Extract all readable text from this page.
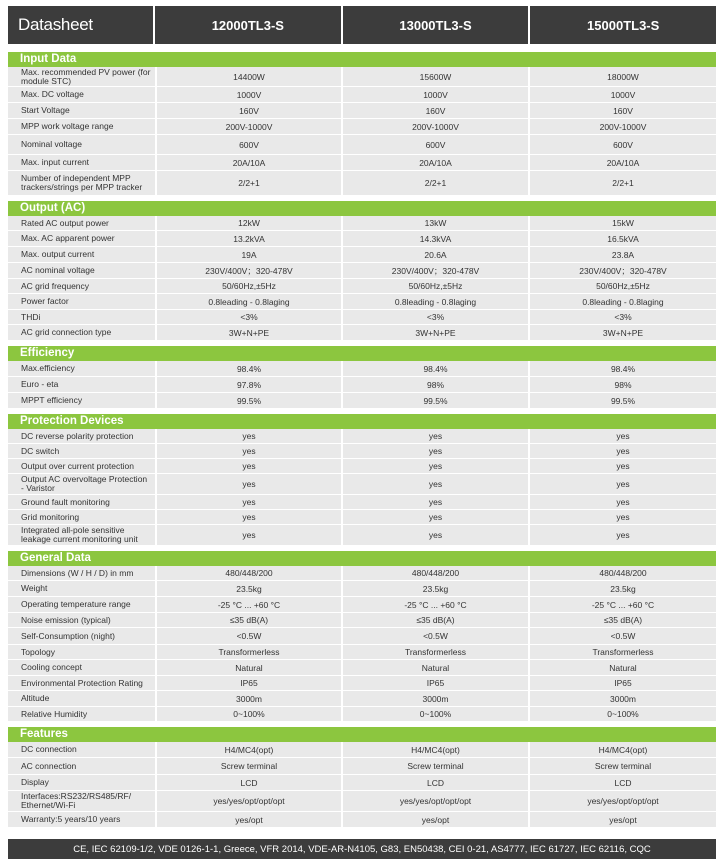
Datasheet	12000TL3-S	13000TL3-S	15000TL3-S
Input Data
Max. recommended PV power (for module STC)	14400W	15600W	18000W
Max. DC voltage	1000V	1000V	1000V
Start Voltage	160V	160V	160V
MPP work voltage range	200V-1000V	200V-1000V	200V-1000V
Nominal voltage	600V	600V	600V
Max. input current	20A/10A	20A/10A	20A/10A
Number of independent MPP trackers/strings per MPP tracker	2/2+1	2/2+1	2/2+1
Output (AC)
Rated AC output power	12kW	13kW	15kW
Max. AC apparent power	13.2kVA	14.3kVA	16.5kVA
Max. output current	19A	20.6A	23.8A
AC nominal voltage	230V/400V；320-478V	230V/400V；320-478V	230V/400V；320-478V
AC grid frequency	50/60Hz,±5Hz	50/60Hz,±5Hz	50/60Hz,±5Hz
Power factor	0.8leading - 0.8laging	0.8leading - 0.8laging	0.8leading - 0.8laging
THDi	<3%	<3%	<3%
AC grid connection type	3W+N+PE	3W+N+PE	3W+N+PE
Efficiency
Max.efficiency	98.4%	98.4%	98.4%
Euro - eta	97.8%	98%	98%
MPPT efficiency	99.5%	99.5%	99.5%
Protection Devices
DC reverse polarity protection	yes	yes	yes
DC switch	yes	yes	yes
Output over current protection	yes	yes	yes
Output AC overvoltage Protection - Varistor	yes	yes	yes
Ground fault monitoring	yes	yes	yes
Grid monitoring	yes	yes	yes
Integrated all-pole sensitive leakage current monitoring unit	yes	yes	yes
General Data
Dimensions (W / H / D) in mm	480/448/200	480/448/200	480/448/200
Weight	23.5kg	23.5kg	23.5kg
Operating temperature range	-25 °C ... +60 °C	-25 °C ... +60 °C	-25 °C ... +60 °C
Noise emission (typical)	≤35 dB(A)	≤35 dB(A)	≤35 dB(A)
Self-Consumption (night)	<0.5W	<0.5W	<0.5W
Topology	Transformerless	Transformerless	Transformerless
Cooling concept	Natural	Natural	Natural
Environmental Protection Rating	IP65	IP65	IP65
Altitude	3000m	3000m	3000m
Relative Humidity	0~100%	0~100%	0~100%
Features
DC connection	H4/MC4(opt)	H4/MC4(opt)	H4/MC4(opt)
AC connection	Screw terminal	Screw terminal	Screw terminal
Display	LCD	LCD	LCD
Interfaces:RS232/RS485/RF/ Ethernet/Wi-Fi	yes/yes/opt/opt/opt	yes/yes/opt/opt/opt	yes/yes/opt/opt/opt
Warranty:5 years/10 years	yes/opt	yes/opt	yes/opt
CE, IEC 62109-1/2, VDE 0126-1-1, Greece, VFR 2014, VDE-AR-N4105, G83, EN50438, CEI 0-21, AS4777, IEC 61727, IEC 62116, CQC
